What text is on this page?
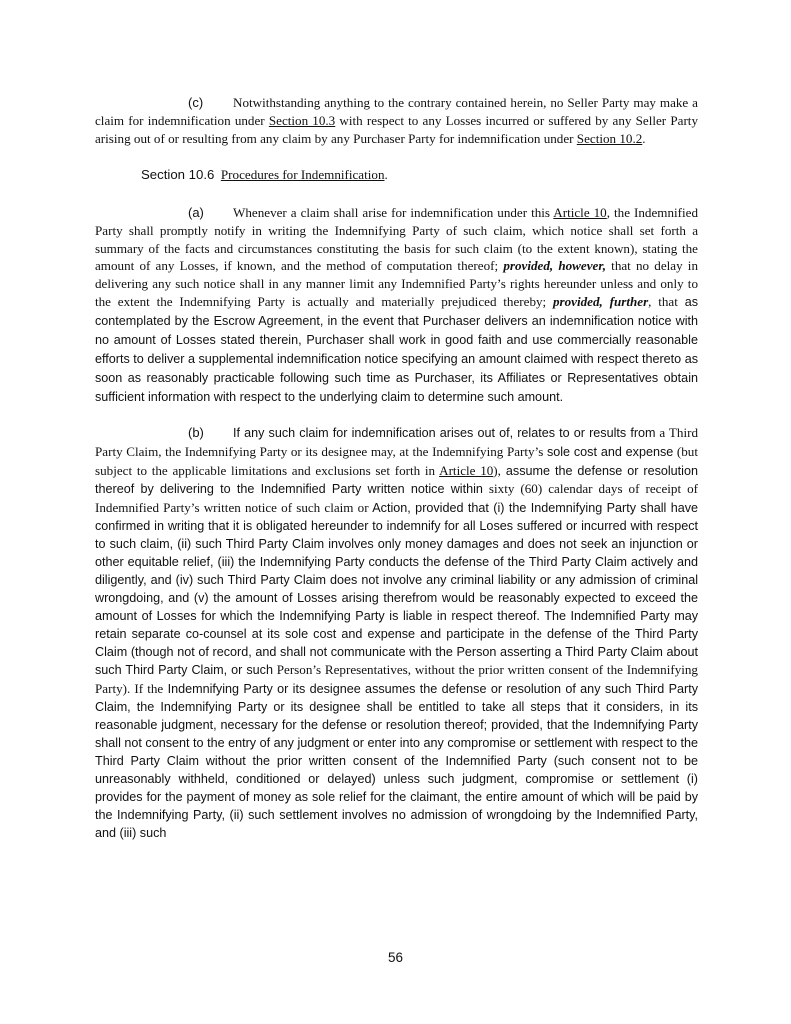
(c) Notwithstanding anything to the contrary contained herein, no Seller Party may make a claim for indemnification under Section 10.3 with respect to any Losses incurred or suffered by any Seller Party arising out of or resulting from any claim by any Purchaser Party for indemnification under Section 10.2.

Section 10.6 Procedures for Indemnification.

(a) Whenever a claim shall arise for indemnification under this Article 10, the Indemnified Party shall promptly notify in writing the Indemnifying Party of such claim, which notice shall set forth a summary of the facts and circumstances constituting the basis for such claim (to the extent known), stating the amount of any Losses, if known, and the method of computation thereof; provided, however, that no delay in delivering any such notice shall in any manner limit any Indemnified Party’s rights hereunder unless and only to the extent the Indemnifying Party is actually and materially prejudiced thereby; provided, further, that as contemplated by the Escrow Agreement, in the event that Purchaser delivers an indemnification notice with no amount of Losses stated therein, Purchaser shall work in good faith and use commercially reasonable efforts to deliver a supplemental indemnification notice specifying an amount claimed with respect thereto as soon as reasonably practicable following such time as Purchaser, its Affiliates or Representatives obtain sufficient information with respect to the underlying claim to determine such amount.

(b) If any such claim for indemnification arises out of, relates to or results from a Third Party Claim, the Indemnifying Party or its designee may, at the Indemnifying Party’s sole cost and expense (but subject to the applicable limitations and exclusions set forth in Article 10), assume the defense or resolution thereof by delivering to the Indemnified Party written notice within sixty (60) calendar days of receipt of Indemnified Party’s written notice of such claim or Action, provided that (i) the Indemnifying Party shall have confirmed in writing that it is obligated hereunder to indemnify for all Loses suffered or incurred with respect to such claim, (ii) such Third Party Claim involves only money damages and does not seek an injunction or other equitable relief, (iii) the Indemnifying Party conducts the defense of the Third Party Claim actively and diligently, and (iv) such Third Party Claim does not involve any criminal liability or any admission of criminal wrongdoing, and (v) the amount of Losses arising therefrom would be reasonably expected to exceed the amount of Losses for which the Indemnifying Party is liable in respect thereof. The Indemnified Party may retain separate co-counsel at its sole cost and expense and participate in the defense of the Third Party Claim (though not of record, and shall not communicate with the Person asserting a Third Party Claim about such Third Party Claim, or such Person’s Representatives, without the prior written consent of the Indemnifying Party). If the Indemnifying Party or its designee assumes the defense or resolution of any such Third Party Claim, the Indemnifying Party or its designee shall be entitled to take all steps that it considers, in its reasonable judgment, necessary for the defense or resolution thereof; provided, that the Indemnifying Party shall not consent to the entry of any judgment or enter into any compromise or settlement with respect to the Third Party Claim without the prior written consent of the Indemnified Party (such consent not to be unreasonably withheld, conditioned or delayed) unless such judgment, compromise or settlement (i) provides for the payment of money as sole relief for the claimant, the entire amount of which will be paid by the Indemnifying Party, (ii) such settlement involves no admission of wrongdoing by the Indemnified Party, and (iii) such

56
